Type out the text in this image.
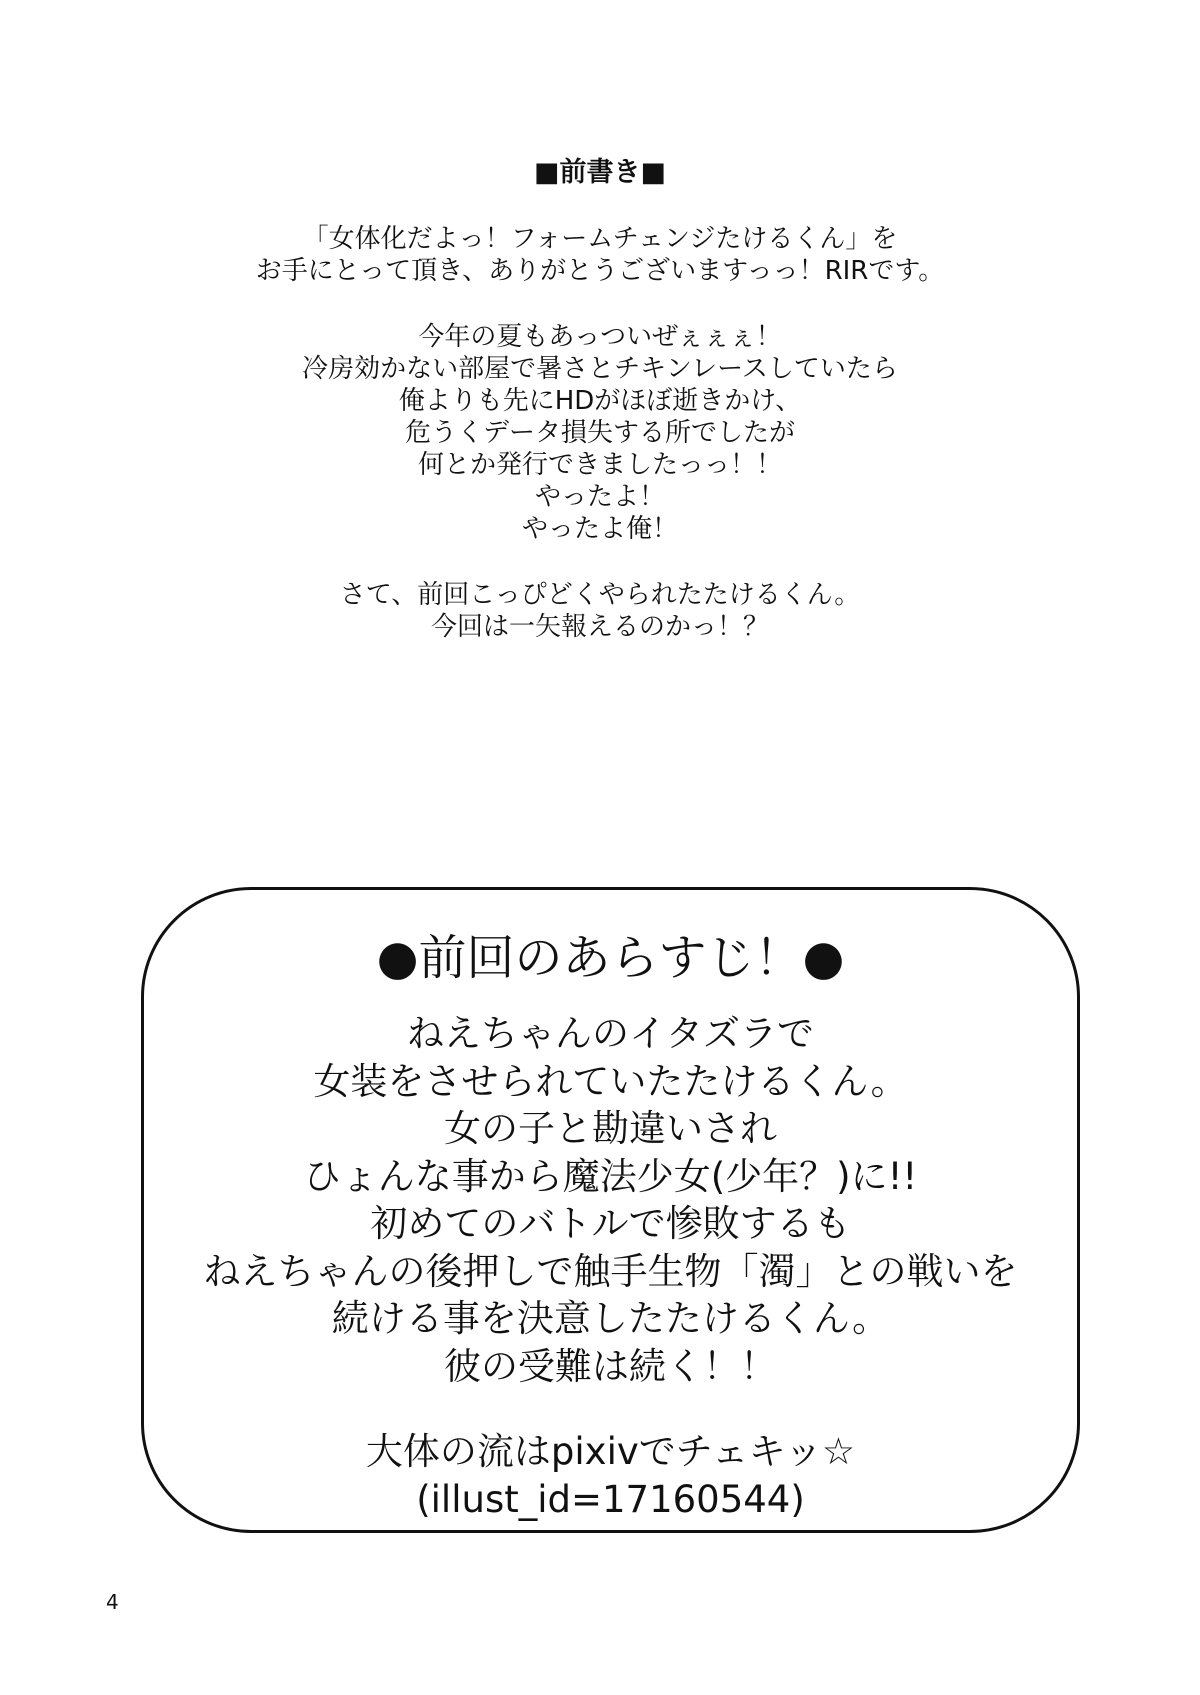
■前書き■
「女体化だよっ！フォームチェンジたけるくん」を
お手にとって頂き、ありがとうございますっっ！RIRです。
今年の夏もあっついぜぇぇぇ！
冷房効かない部屋で暑さとチキンレースしていたら
俺よりも先にHDがほぼ逝きかけ、
危うくデータ損失する所でしたが
何とか発行できましたっっ！！
やったよ！
やったよ俺！
さて、前回こっぴどくやられたたけるくん。
今回は一矢報えるのかっ！？
●前回のあらすじ！●
ねえちゃんのイタズラで
女装をさせられていたたけるくん。
女の子と勘違いされ
ひょんな事から魔法少女(少年？)に!!
初めてのバトルで惨敗するも
ねえちゃんの後押しで触手生物「濁」との戦いを
続ける事を決意したたけるくん。
彼の受難は続く！！
大体の流はpixivでチェキッ☆
(illust_id=17160544)
4
